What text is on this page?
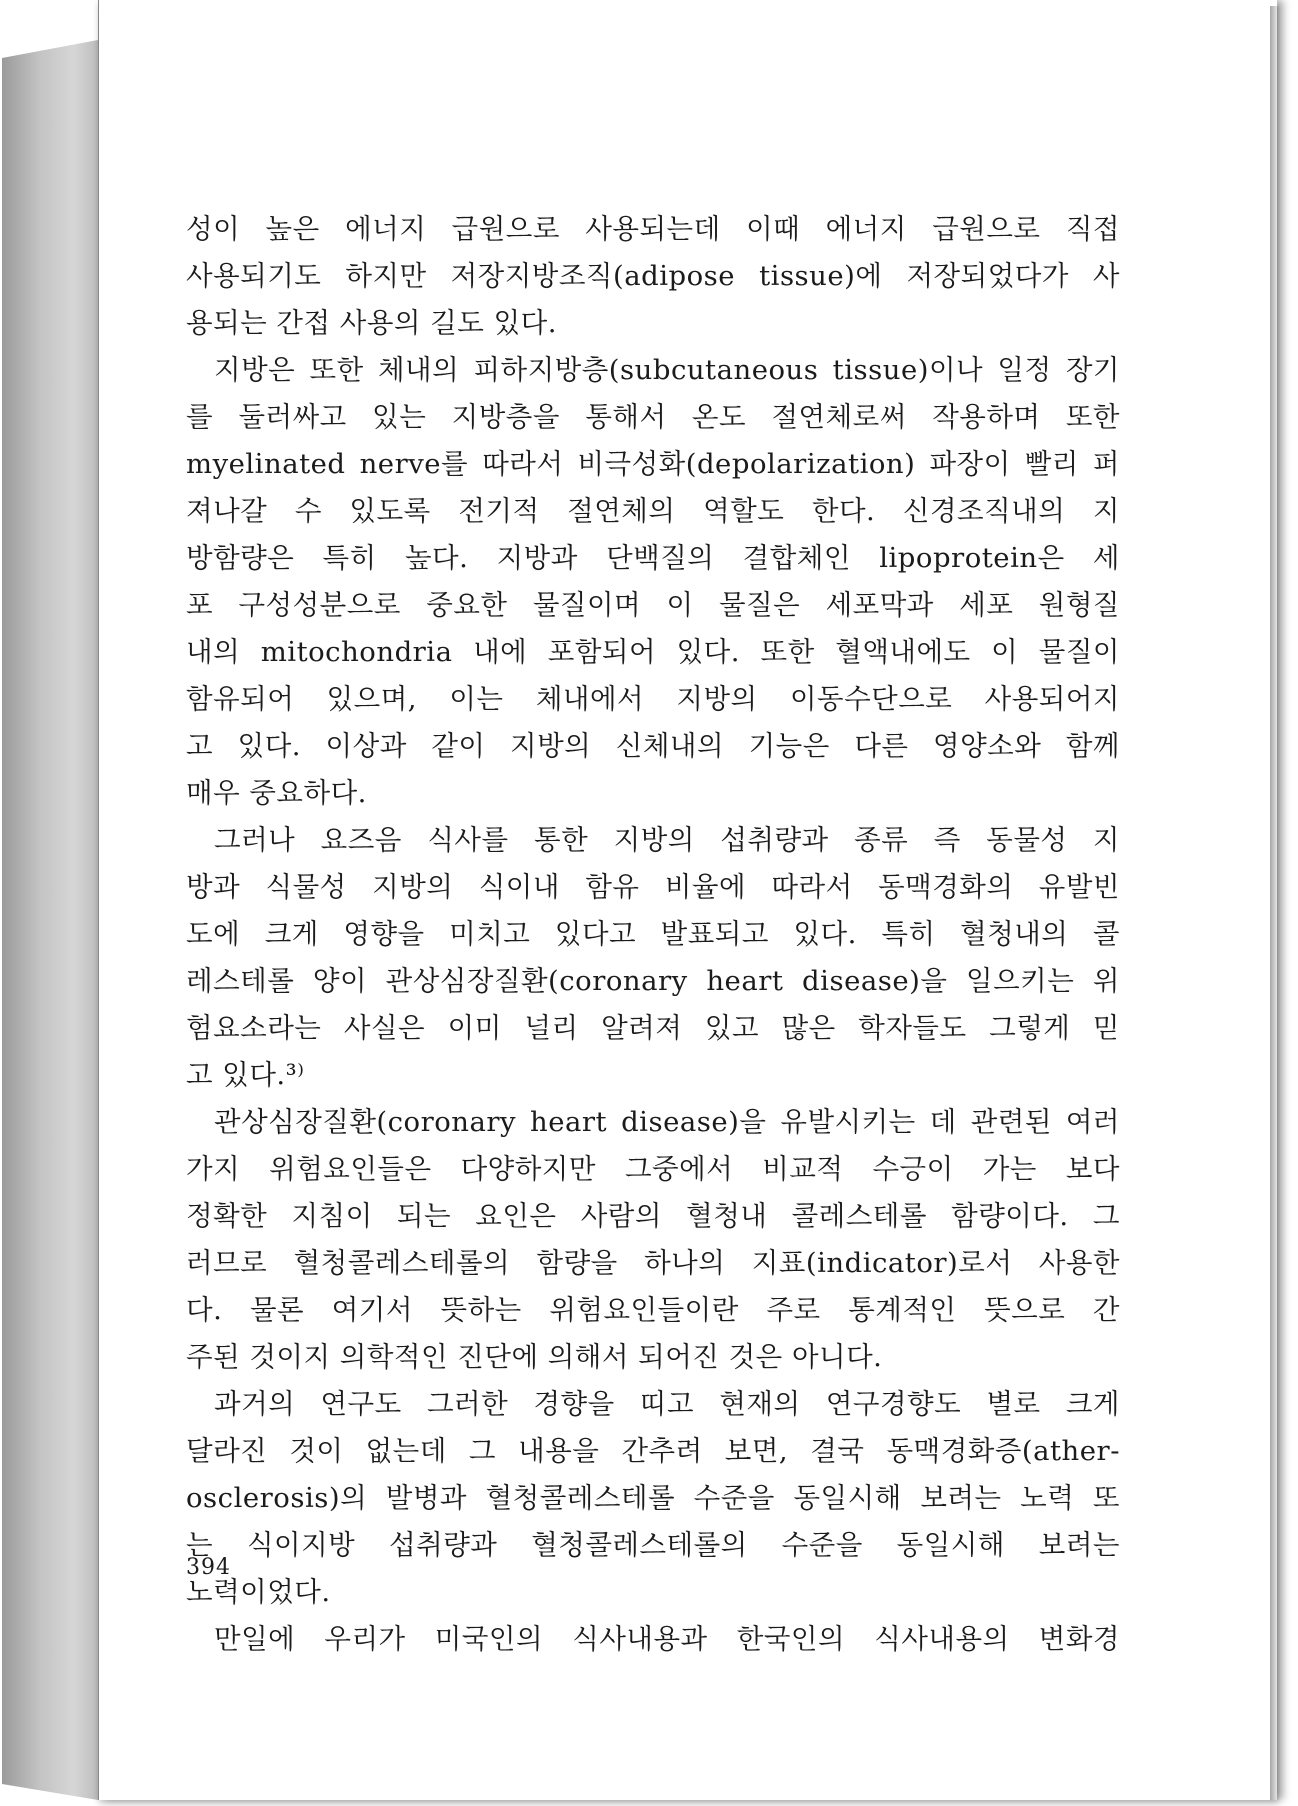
성이 높은 에너지 급원으로 사용되는데 이때 에너지 급원으로 직접
사용되기도 하지만 저장지방조직(adipose tissue)에 저장되었다가 사
용되는 간접 사용의 길도 있다.
지방은 또한 체내의 피하지방층(subcutaneous tissue)이나 일정 장기
를 둘러싸고 있는 지방층을 통해서 온도 절연체로써 작용하며 또한
myelinated nerve를 따라서 비극성화(depolarization) 파장이 빨리 퍼
져나갈 수 있도록 전기적 절연체의 역할도 한다. 신경조직내의 지
방함량은 특히 높다. 지방과 단백질의 결합체인 lipoprotein은 세
포 구성성분으로 중요한 물질이며 이 물질은 세포막과 세포 원형질
내의 mitochondria 내에 포함되어 있다. 또한 혈액내에도 이 물질이
함유되어 있으며, 이는 체내에서 지방의 이동수단으로 사용되어지
고 있다. 이상과 같이 지방의 신체내의 기능은 다른 영양소와 함께
매우 중요하다.
그러나 요즈음 식사를 통한 지방의 섭취량과 종류 즉 동물성 지
방과 식물성 지방의 식이내 함유 비율에 따라서 동맥경화의 유발빈
도에 크게 영향을 미치고 있다고 발표되고 있다. 특히 혈청내의 콜
레스테롤 양이 관상심장질환(coronary heart disease)을 일으키는 위
험요소라는 사실은 이미 널리 알려져 있고 많은 학자들도 그렇게 믿
고 있다.³⁾
관상심장질환(coronary heart disease)을 유발시키는 데 관련된 여러
가지 위험요인들은 다양하지만 그중에서 비교적 수긍이 가는 보다
정확한 지침이 되는 요인은 사람의 혈청내 콜레스테롤 함량이다. 그
러므로 혈청콜레스테롤의 함량을 하나의 지표(indicator)로서 사용한
다. 물론 여기서 뜻하는 위험요인들이란 주로 통계적인 뜻으로 간
주된 것이지 의학적인 진단에 의해서 되어진 것은 아니다.
과거의 연구도 그러한 경향을 띠고 현재의 연구경향도 별로 크게
달라진 것이 없는데 그 내용을 간추려 보면, 결국 동맥경화증(ather-
osclerosis)의 발병과 혈청콜레스테롤 수준을 동일시해 보려는 노력 또
는 식이지방 섭취량과 혈청콜레스테롤의 수준을 동일시해 보려는
노력이었다.
만일에 우리가 미국인의 식사내용과 한국인의 식사내용의 변화경
394
